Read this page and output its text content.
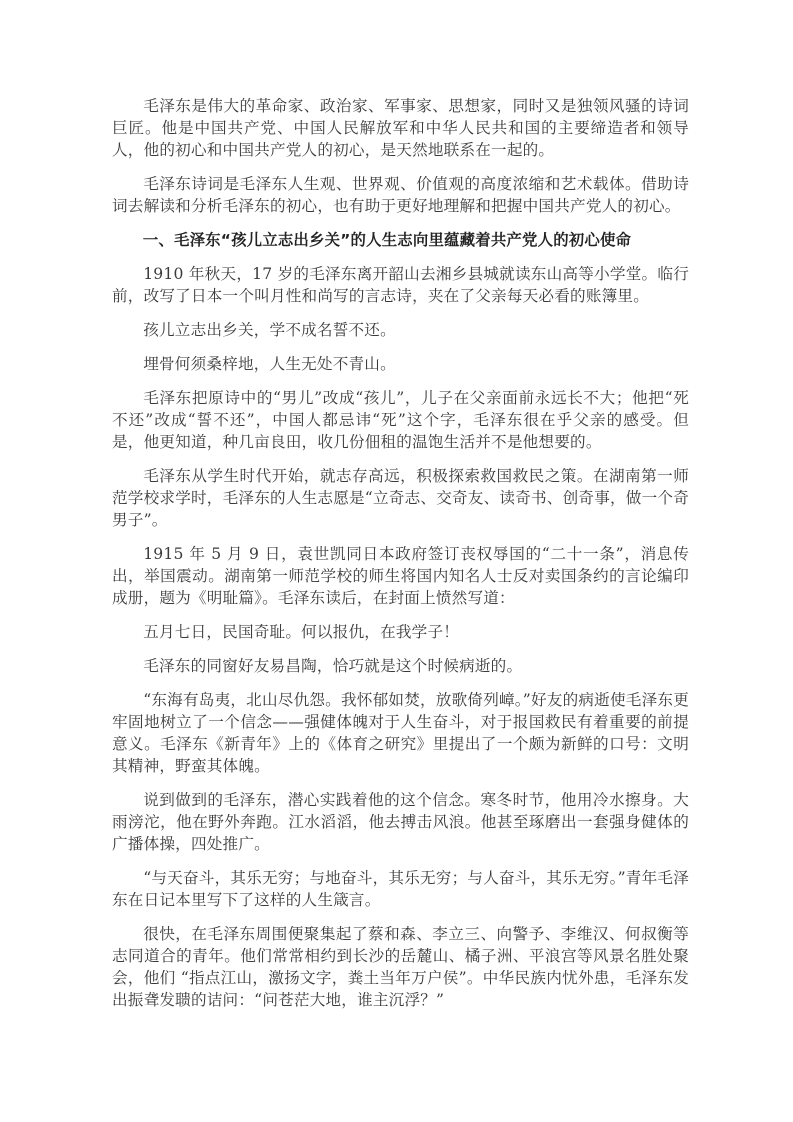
毛泽东是伟大的革命家、政治家、军事家、思想家，同时又是独领风骚的诗词巨匠。他是中国共产党、中国人民解放军和中华人民共和国的主要缔造者和领导人，他的初心和中国共产党人的初心，是天然地联系在一起的。

毛泽东诗词是毛泽东人生观、世界观、价值观的高度浓缩和艺术载体。借助诗词去解读和分析毛泽东的初心，也有助于更好地理解和把握中国共产党人的初心。

一、毛泽东“孩儿立志出乡关”的人生志向里蕴藏着共产党人的初心使命

1910 年秋天，17 岁的毛泽东离开韶山去湘乡县城就读东山高等小学堂。临行前，改写了日本一个叫月性和尚写的言志诗，夹在了父亲每天必看的账簿里。

孩儿立志出乡关，学不成名誓不还。

埋骨何须桑梓地，人生无处不青山。

毛泽东把原诗中的“男儿”改成“孩儿”，儿子在父亲面前永远长不大；他把“死不还”改成“誓不还”，中国人都忌讳“死”这个字，毛泽东很在乎父亲的感受。但是，他更知道，种几亩良田，收几份佃租的温饱生活并不是他想要的。

毛泽东从学生时代开始，就志存高远，积极探索救国救民之策。在湖南第一师范学校求学时，毛泽东的人生志愿是“立奇志、交奇友、读奇书、创奇事，做一个奇男子”。

1915 年 5 月 9 日，袁世凯同日本政府签订丧权辱国的“二十一条”，消息传出，举国震动。湖南第一师范学校的师生将国内知名人士反对卖国条约的言论编印成册，题为《明耻篇》。毛泽东读后，在封面上愤然写道：

五月七日，民国奇耻。何以报仇，在我学子！

毛泽东的同窗好友易昌陶，恰巧就是这个时候病逝的。

“东海有岛夷，北山尽仇怨。我怀郁如焚，放歌倚列嶂。”好友的病逝使毛泽东更牢固地树立了一个信念——强健体魄对于人生奋斗，对于报国救民有着重要的前提意义。毛泽东《新青年》上的《体育之研究》里提出了一个颇为新鲜的口号：文明其精神，野蛮其体魄。

说到做到的毛泽东，潜心实践着他的这个信念。寒冬时节，他用冷水擦身。大雨滂沱，他在野外奔跑。江水滔滔，他去搏击风浪。他甚至琢磨出一套强身健体的广播体操，四处推广。

“与天奋斗，其乐无穷；与地奋斗，其乐无穷；与人奋斗，其乐无穷。”青年毛泽东在日记本里写下了这样的人生箴言。

很快，在毛泽东周围便聚集起了蔡和森、李立三、向警予、李维汉、何叔衡等志同道合的青年。他们常常相约到长沙的岳麓山、橘子洲、平浪宫等风景名胜处聚会，他们 “指点江山，激扬文字，粪土当年万户侯”。中华民族内忧外患，毛泽东发出振聋发聩的诘问：“问苍茫大地，谁主沉浮？”
